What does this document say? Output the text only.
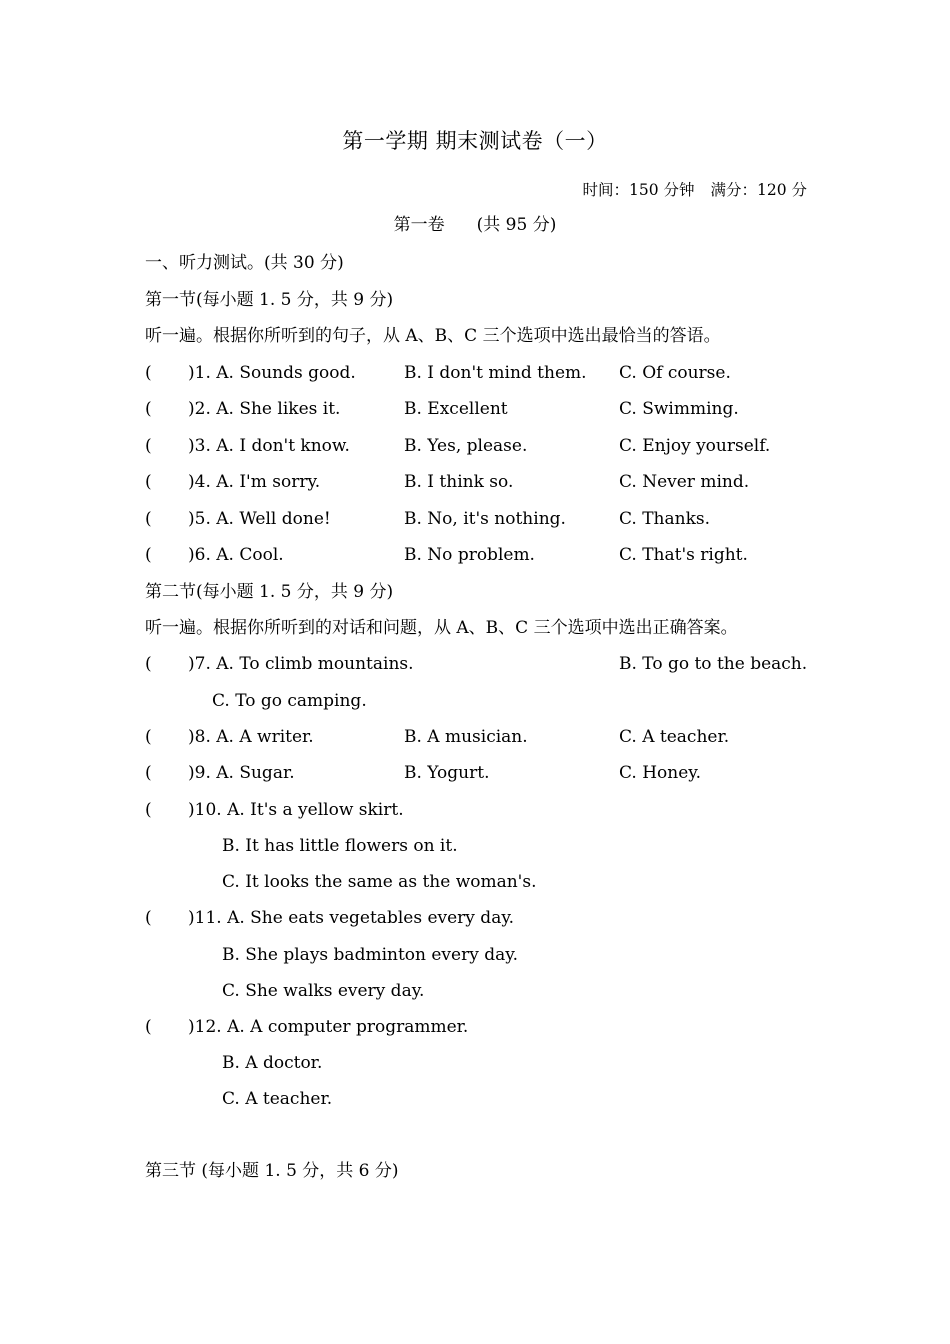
第一学期 期末测试卷（一）
时间：150 分钟 满分：120 分
第一卷 (共 95 分)
一、听力测试。(共 30 分)
第一节(每小题 1. 5 分，共 9 分)
听一遍。根据你所听到的句子，从 A、B、C 三个选项中选出最恰当的答语。
( )1. A. Sounds good.	B. I don't mind them. C. Of course.
( )2. A. She likes it.	B. Excellent	C. Swimming.
( )3. A. I don't know.	B. Yes, please.	C. Enjoy yourself.
( )4. A. I'm sorry.	B. I think so.	C. Never mind.
( )5. A. Well done!	B. No, it's nothing.	C. Thanks.
( )6. A. Cool.	B. No problem.	C. That's right.
第二节(每小题 1. 5 分，共 9 分)
听一遍。根据你所听到的对话和问题，从 A、B、C 三个选项中选出正确答案。
( )7. A. To climb mountains.	B. To go to the beach.
C. To go camping.
( )8. A. A writer.	B. A musician.	C. A teacher.
( )9. A. Sugar.	B. Yogurt.	C. Honey.
( )10. A. It's a yellow skirt.
B. It has little flowers on it.
C. It looks the same as the woman's.
( )11. A. She eats vegetables every day.
B. She plays badminton every day.
C. She walks every day.
( )12. A. A computer programmer.
B. A doctor.
C. A teacher.
第三节 (每小题 1. 5 分，共 6 分)
